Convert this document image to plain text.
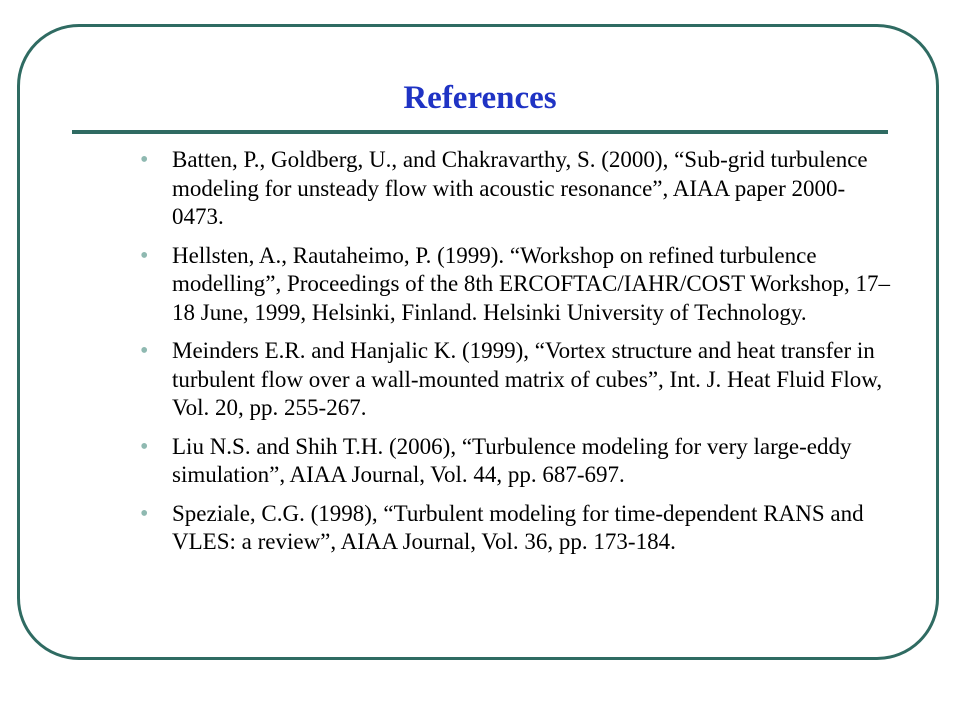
References
• Batten, P., Goldberg, U., and Chakravarthy, S. (2000), “Sub-grid turbulence modeling for unsteady flow with acoustic resonance”, AIAA paper 2000-0473.
• Hellsten, A., Rautaheimo, P. (1999). “Workshop on refined turbulence modelling”, Proceedings of the 8th ERCOFTAC/IAHR/COST Workshop, 17–18 June, 1999, Helsinki, Finland. Helsinki University of Technology.
• Meinders E.R. and Hanjalic K. (1999), “Vortex structure and heat transfer in turbulent flow over a wall-mounted matrix of cubes”, Int. J. Heat Fluid Flow, Vol. 20, pp. 255-267.
• Liu N.S. and Shih T.H. (2006), “Turbulence modeling for very large-eddy simulation”, AIAA Journal, Vol. 44, pp. 687-697.
• Speziale, C.G. (1998), “Turbulent modeling for time-dependent RANS and VLES: a review”, AIAA Journal, Vol. 36, pp. 173-184.
